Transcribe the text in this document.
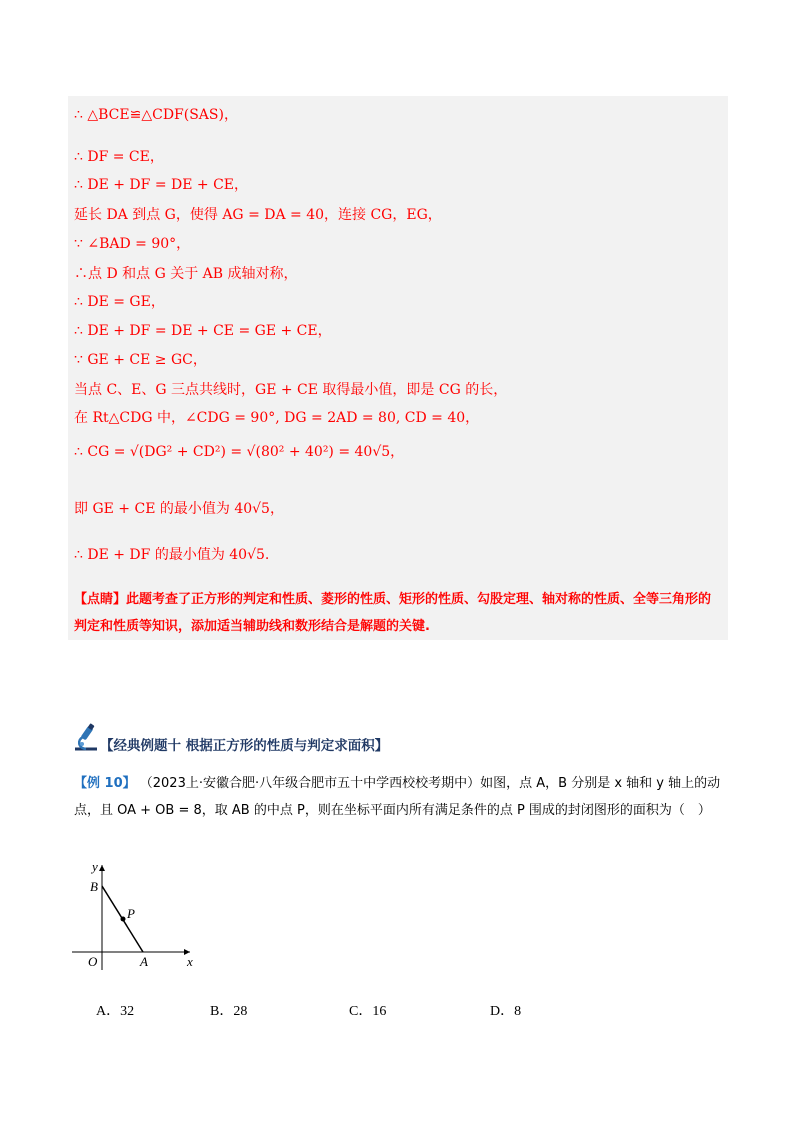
∴ △BCE≌△CDF(SAS)，
∴ DF = CE，
∴ DE + DF = DE + CE，
延长 DA 到点 G，使得 AG = DA = 40，连接 CG，EG，
∵ ∠BAD = 90°，
∴点 D 和点 G 关于 AB 成轴对称，
∴ DE = GE，
∴ DE + DF = DE + CE = GE + CE，
∵ GE + CE ≥ GC，
当点 C、E、G 三点共线时，GE + CE 取得最小值，即是 CG 的长，
在 Rt△CDG 中，∠CDG = 90°, DG = 2AD = 80, CD = 40，
∴ CG = √(DG² + CD²) = √(80² + 40²) = 40√5，
即 GE + CE 的最小值为 40√5，
∴ DE + DF 的最小值为 40√5.
【点睛】此题考查了正方形的判定和性质、菱形的性质、矩形的性质、勾股定理、轴对称的性质、全等三角形的判定和性质等知识，添加适当辅助线和数形结合是解题的关键.
【经典例题十 根据正方形的性质与判定求面积】
【例 10】 （2023上·安徽合肥·八年级合肥市五十中学西校校考期中）如图，点 A，B 分别是 x 轴和 y 轴上的动点，且 OA + OB = 8，取 AB 的中点 P，则在坐标平面内所有满足条件的点 P 围成的封闭图形的面积为（　）
y
x
O	A
B
P
A．32	B．28	C．16	D．8
